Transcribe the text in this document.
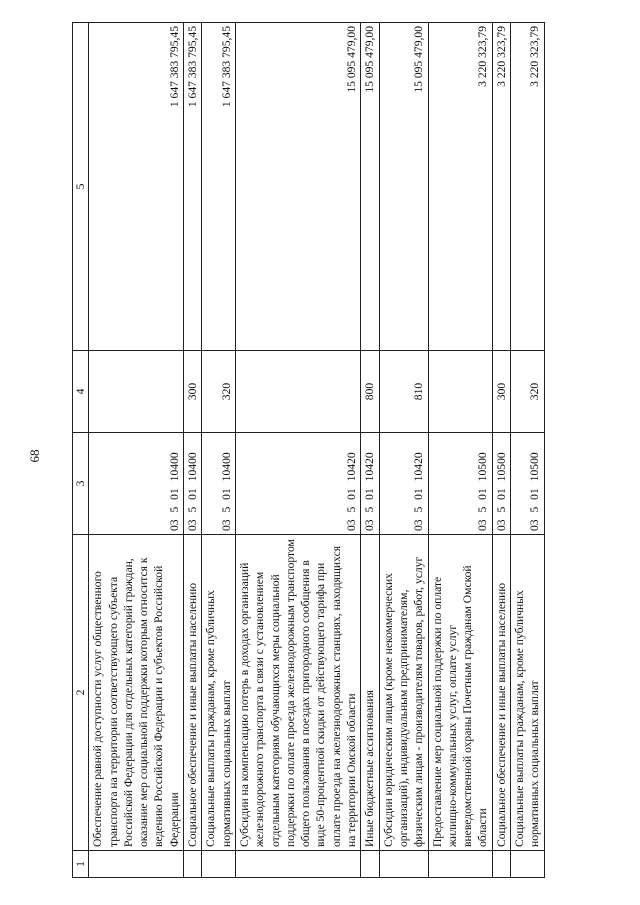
68
1	2	3	4	5
	Обеспечение равной доступности услуг общественного транспорта на территории соответствующего субъекта Российской Федерации для отдельных категорий граждан, оказание мер социальной поддержки которым относится к ведению Российской Федерации и субъектов Российской Федерации	03 5 01 10400		1 647 383 795,45
	Социальное обеспечение и иные выплаты населению	03 5 01 10400	300	1 647 383 795,45
	Социальные выплаты гражданам, кроме публичных нормативных социальных выплат	03 5 01 10400	320	1 647 383 795,45
	Субсидии на компенсацию потерь в доходах организаций железнодорожного транспорта в связи с установлением отдельным категориям обучающихся меры социальной поддержки по оплате проезда железнодорожным транспортом общего пользования в поездах пригородного сообщения в виде 50-процентной скидки от действующего тарифа при оплате проезда на железнодорожных станциях, находящихся на территории Омской области	03 5 01 10420		15 095 479,00
	Иные бюджетные ассигнования	03 5 01 10420	800	15 095 479,00
	Субсидии юридическим лицам (кроме некоммерческих организаций), индивидуальным предпринимателям, физическим лицам - производителям товаров, работ, услуг	03 5 01 10420	810	15 095 479,00
	Предоставление мер социальной поддержки по оплате жилищно-коммунальных услуг, оплате услуг вневедомственной охраны Почетным гражданам Омской области	03 5 01 10500		3 220 323,79
	Социальное обеспечение и иные выплаты населению	03 5 01 10500	300	3 220 323,79
	Социальные выплаты гражданам, кроме публичных нормативных социальных выплат	03 5 01 10500	320	3 220 323,79
